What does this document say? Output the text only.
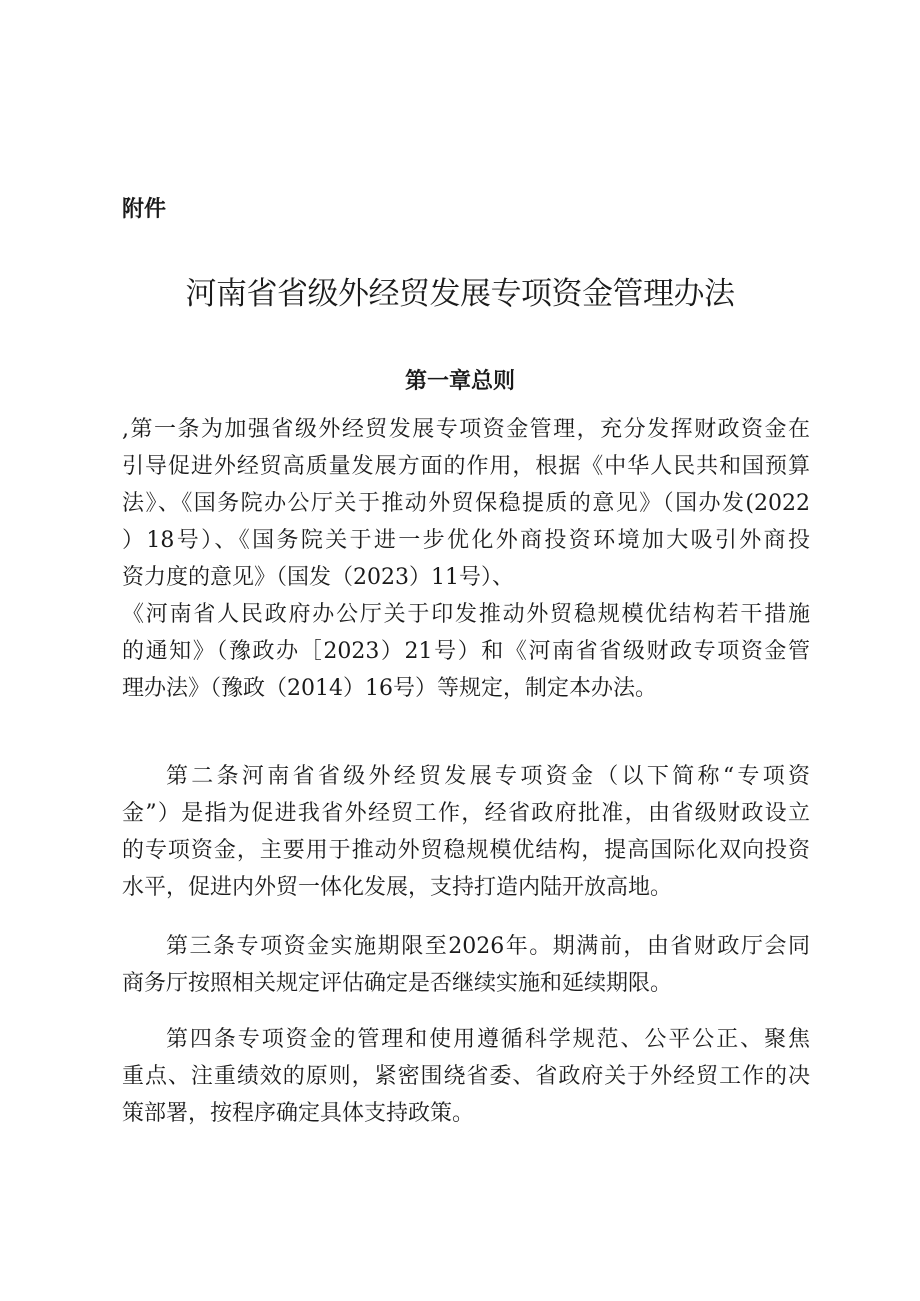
附件

河南省省级外经贸发展专项资金管理办法
第一章总则
,第一条为加强省级外经贸发展专项资金管理，充分发挥财政资金在
引导促进外经贸高质量发展方面的作用，根据《中华人民共和国预算
法》、《国务院办公厅关于推动外贸保稳提质的意见》（国办发(2022
）18号）、《国务院关于进一步优化外商投资环境加大吸引外商投
资力度的意见》（国发（2023）11号）、
《河南省人民政府办公厅关于印发推动外贸稳规模优结构若干措施
的通知》（豫政办［2023）21号）和《河南省省级财政专项资金管
理办法》（豫政（2014）16号）等规定，制定本办法。
第二条河南省省级外经贸发展专项资金（以下简称“专项资
金”）是指为促进我省外经贸工作，经省政府批准，由省级财政设立
的专项资金，主要用于推动外贸稳规模优结构，提高国际化双向投资
水平，促进内外贸一体化发展，支持打造内陆开放高地。
第三条专项资金实施期限至2026年。期满前，由省财政厅会同
商务厅按照相关规定评估确定是否继续实施和延续期限。
第四条专项资金的管理和使用遵循科学规范、公平公正、聚焦
重点、注重绩效的原则，紧密围绕省委、省政府关于外经贸工作的决
策部署，按程序确定具体支持政策。
